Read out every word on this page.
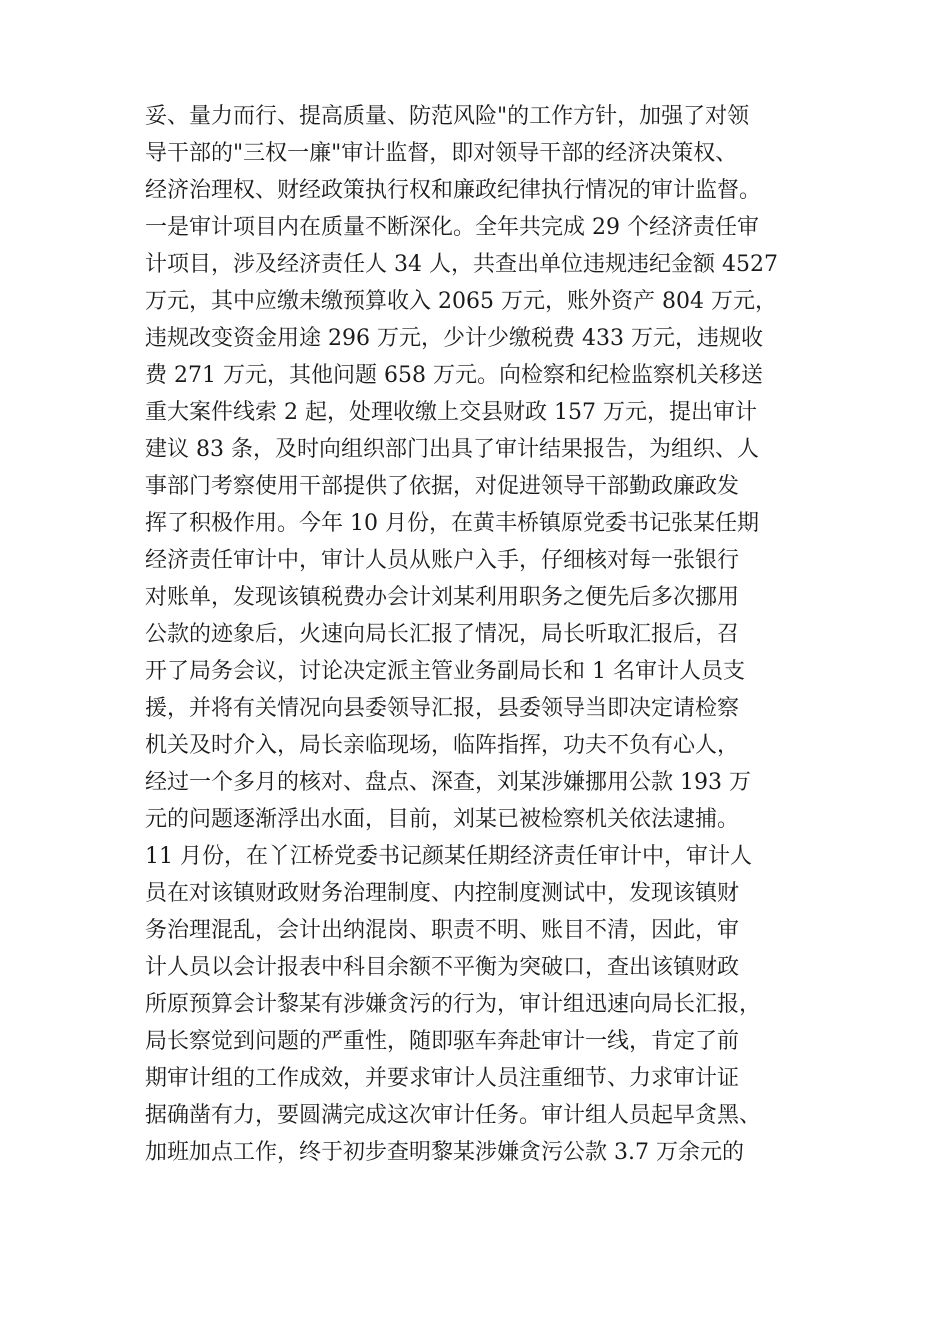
妥、量力而行、提高质量、防范风险"的工作方针，加强了对领
导干部的"三权一廉"审计监督，即对领导干部的经济决策权、
经济治理权、财经政策执行权和廉政纪律执行情况的审计监督。
一是审计项目内在质量不断深化。全年共完成 29 个经济责任审
计项目，涉及经济责任人 34 人，共查出单位违规违纪金额 4527
万元，其中应缴未缴预算收入 2065 万元，账外资产 804 万元，
违规改变资金用途 296 万元，少计少缴税费 433 万元，违规收
费 271 万元，其他问题 658 万元。向检察和纪检监察机关移送
重大案件线索 2 起，处理收缴上交县财政 157 万元，提出审计
建议 83 条，及时向组织部门出具了审计结果报告，为组织、人
事部门考察使用干部提供了依据，对促进领导干部勤政廉政发
挥了积极作用。今年 10 月份，在黄丰桥镇原党委书记张某任期
经济责任审计中，审计人员从账户入手，仔细核对每一张银行
对账单，发现该镇税费办会计刘某利用职务之便先后多次挪用
公款的迹象后，火速向局长汇报了情况，局长听取汇报后，召
开了局务会议，讨论决定派主管业务副局长和 1 名审计人员支
援，并将有关情况向县委领导汇报，县委领导当即决定请检察
机关及时介入，局长亲临现场，临阵指挥，功夫不负有心人，
经过一个多月的核对、盘点、深查，刘某涉嫌挪用公款 193 万
元的问题逐渐浮出水面，目前，刘某已被检察机关依法逮捕。
11 月份，在丫江桥党委书记颜某任期经济责任审计中，审计人
员在对该镇财政财务治理制度、内控制度测试中，发现该镇财
务治理混乱，会计出纳混岗、职责不明、账目不清，因此，审
计人员以会计报表中科目余额不平衡为突破口，查出该镇财政
所原预算会计黎某有涉嫌贪污的行为，审计组迅速向局长汇报，
局长察觉到问题的严重性，随即驱车奔赴审计一线，肯定了前
期审计组的工作成效，并要求审计人员注重细节、力求审计证
据确凿有力，要圆满完成这次审计任务。审计组人员起早贪黑、
加班加点工作，终于初步查明黎某涉嫌贪污公款 3.7 万余元的
